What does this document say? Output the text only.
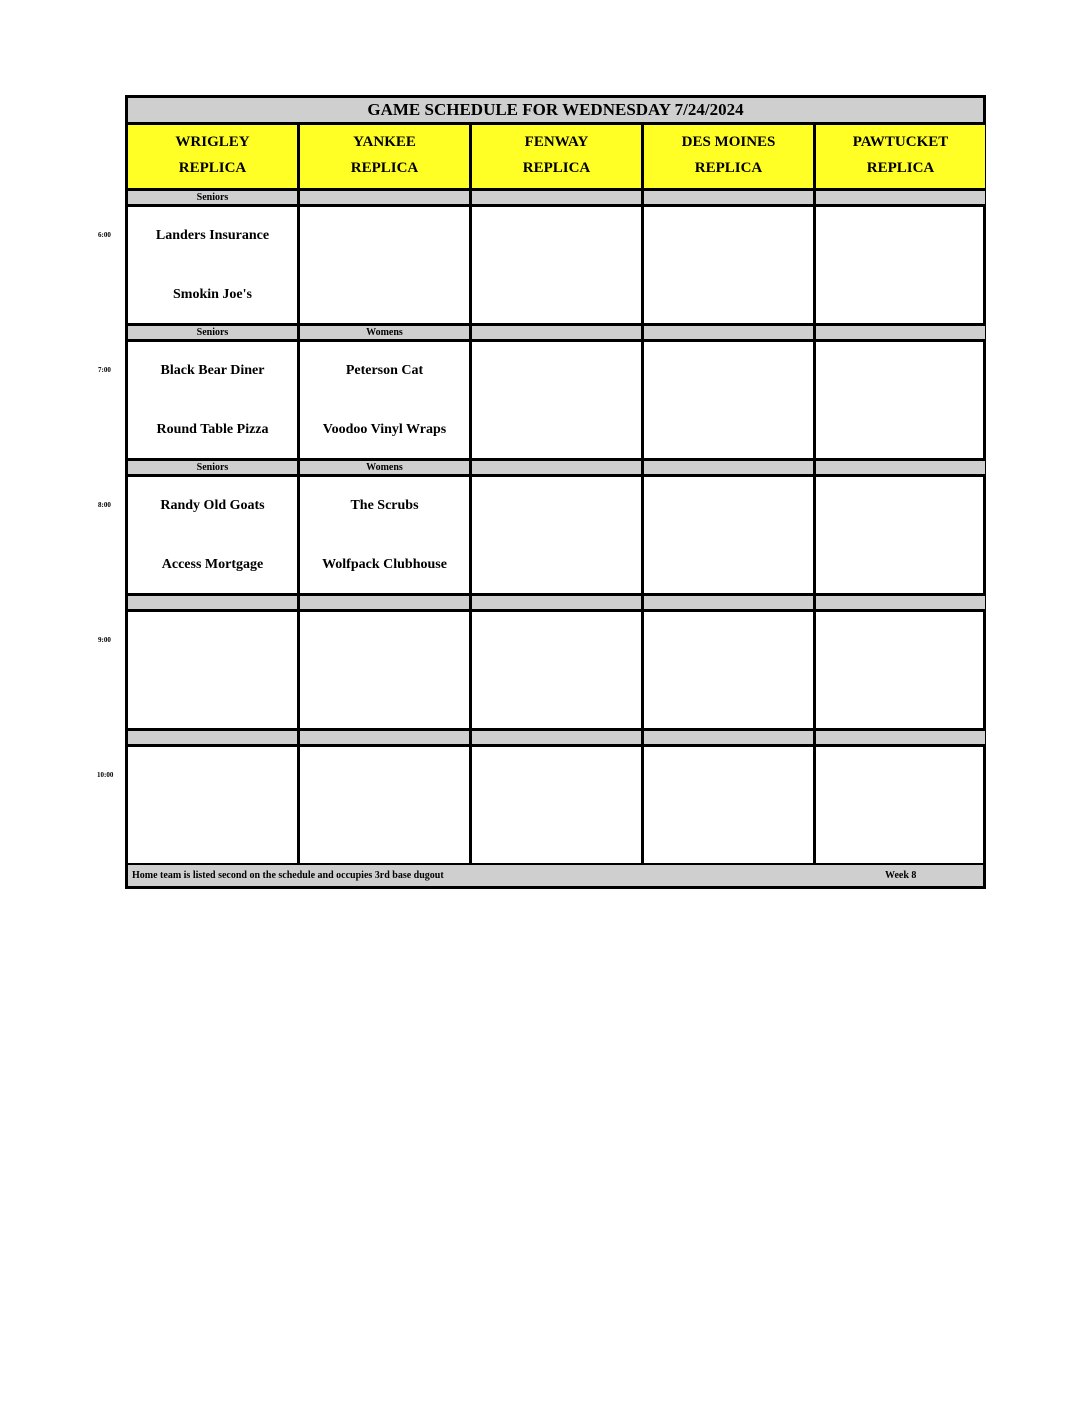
6:00
7:00
8:00
9:00
10:00
GAME SCHEDULE FOR WEDNESDAY 7/24/2024
WRIGLEY
REPLICA
Seniors
Landers Insurance
Smokin Joe's
Seniors
Black Bear Diner
Round Table Pizza
Seniors
Randy Old Goats
Access Mortgage
YANKEE
REPLICA
Womens
Peterson Cat
Voodoo Vinyl Wraps
Womens
The Scrubs
Wolfpack Clubhouse
FENWAY
REPLICA
DES MOINES
REPLICA
PAWTUCKET
REPLICA
Home team is listed second on the schedule and occupies 3rd base dugout	Week 8
